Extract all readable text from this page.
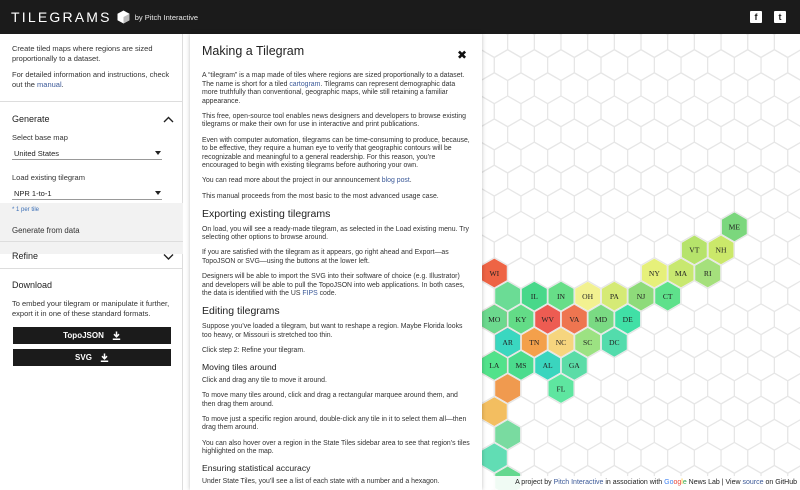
TILEGRAMS	by Pitch Interactive	f	t

Create tiled maps where regions are sized proportionally to a dataset.

For detailed information and instructions, check out the manual.

Generate
Select base map
United States
Load existing tilegram
NPR 1-to-1
* 1 per tile
Generate from data
Refine
Download
To embed your tilegram or manipulate it further, export it in one of these standard formats.
TopoJSON
SVG
ME
VT NH
WI	NY MA RI
IL	IN OH PA NJ CT
MO KY WV VA MD DE
AR TN NC SC DC
LA MS AL GA
FL
A project by Pitch Interactive in association with Google News Lab | View source on GitHub
✖
Making a Tilegram

A “tilegram” is a map made of tiles where regions are sized proportionally to a dataset. The name is short for a tiled cartogram. Tilegrams can represent demographic data more truthfully than conventional, geographic maps, while still retaining a familiar appearance.

This free, open-source tool enables news designers and developers to browse existing tilegrams or make their own for use in interactive and print publications.

Even with computer automation, tilegrams can be time-consuming to produce, because, to be effective, they require a human eye to verify that geographic contours will be recognizable and meaningful to a general readership. For this reason, you’re encouraged to begin with existing tilegrams before authoring your own.

You can read more about the project in our announcement blog post.

This manual proceeds from the most basic to the most advanced usage case.

Exporting existing tilegrams

On load, you will see a ready-made tilegram, as selected in the Load existing menu. Try selecting other options to browse around.

If you are satisfied with the tilegram as it appears, go right ahead and Export—as TopoJSON or SVG—using the buttons at the lower left.

Designers will be able to import the SVG into their software of choice (e.g. Illustrator) and developers will be able to pull the TopoJSON into web applications. In both cases, the data is identified with the US FIPS code.

Editing tilegrams

Suppose you’ve loaded a tilegram, but want to reshape a region. Maybe Florida looks too heavy, or Missouri is stretched too thin.

Click step 2: Refine your tilegram.

Moving tiles around

Click and drag any tile to move it around.

To move many tiles around, click and drag a rectangular marquee around them, and then drag them around.

To move just a specific region around, double-click any tile in it to select them all—then drag them around.

You can also hover over a region in the State Tiles sidebar area to see that region’s tiles highlighted on the map.

Ensuring statistical accuracy

Under State Tiles, you’ll see a list of each state with a number and a hexagon.
